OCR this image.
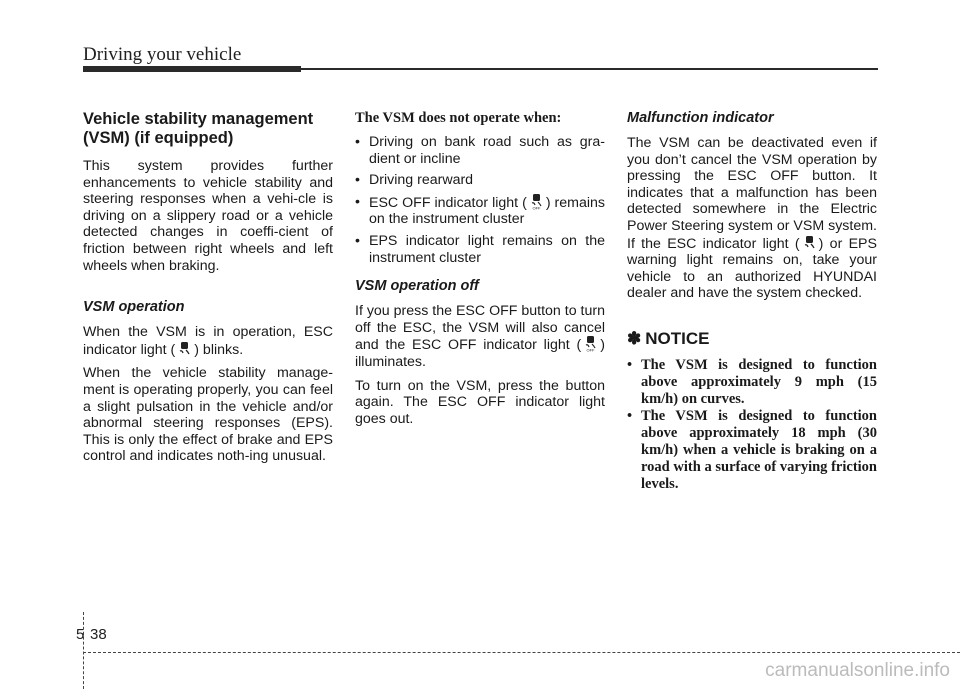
Driving your vehicle
Vehicle stability management (VSM) (if equipped)

This system provides further enhancements to vehicle stability and steering responses when a vehi-cle is driving on a slippery road or a vehicle detected changes in coeffi-cient of friction between right wheels and left wheels when braking.

VSM operation

When the VSM is in operation, ESC indicator light ( ) blinks.

When the vehicle stability manage-ment is operating properly, you can feel a slight pulsation in the vehicle and/or abnormal steering responses (EPS). This is only the effect of brake and EPS control and indicates noth-ing unusual.

The VSM does not operate when:
• Driving on bank road such as gra-dient or incline
• Driving rearward
• ESC OFF indicator light ( OFF ) remains on the instrument cluster
• EPS indicator light remains on the instrument cluster
VSM operation off

If you press the ESC OFF button to turn off the ESC, the VSM will also cancel and the ESC OFF indicator light ( OFF ) illuminates.

To turn on the VSM, press the button again. The ESC OFF indicator light goes out.

Malfunction indicator

The VSM can be deactivated even if you don’t cancel the VSM operation by pressing the ESC OFF button. It indicates that a malfunction has been detected somewhere in the Electric Power Steering system or VSM system. If the ESC indicator light ( ) or EPS warning light remains on, take your vehicle to an authorized HYUNDAI dealer and have the system checked.

✽ NOTICE
• The VSM is designed to function above approximately 9 mph (15 km/h) on curves.
• The VSM is designed to function above approximately 18 mph (30 km/h) when a vehicle is braking on a road with a surface of varying friction levels.
5 38
carmanualsonline.info
